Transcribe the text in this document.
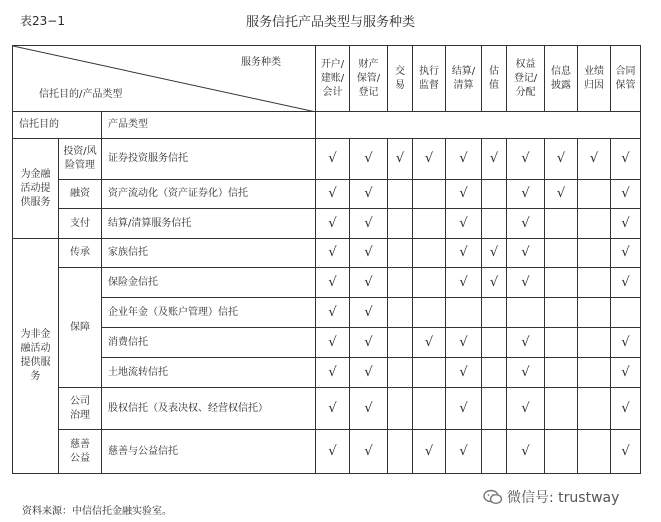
表23−1	服务信托产品类型与服务种类
服务种类
信托目的/产品类型			开户/
建账/
会计	财产
保管/
登记	交
易	执行
监督	结算/
清算	估
值	权益
登记/
分配	信息
披露	业绩
归因	合同
保管
信托目的		产品类型										
为金融
活动提
供服务	投资/风
险管理	证券投资服务信托	√	√	√	√	√	√	√	√	√	√
	融资	资产流动化（资产证券化）信托	√	√			√		√	√		√
	支付	结算/清算服务信托	√	√			√		√			√
为非金
融活动
提供服
务	传承	家族信托	√	√			√	√	√			√
	保障	保险金信托	√	√			√	√	√			√
		企业年金（及账户管理）信托	√	√								
		消费信托	√	√		√	√		√			√
		土地流转信托	√	√			√		√			√
	公司
治理	股权信托（及表决权、经营权信托）	√	√			√		√			√
	慈善
公益	慈善与公益信托	√	√		√	√		√			√
资料来源：中信信托金融实验室。
微信号: trustway
